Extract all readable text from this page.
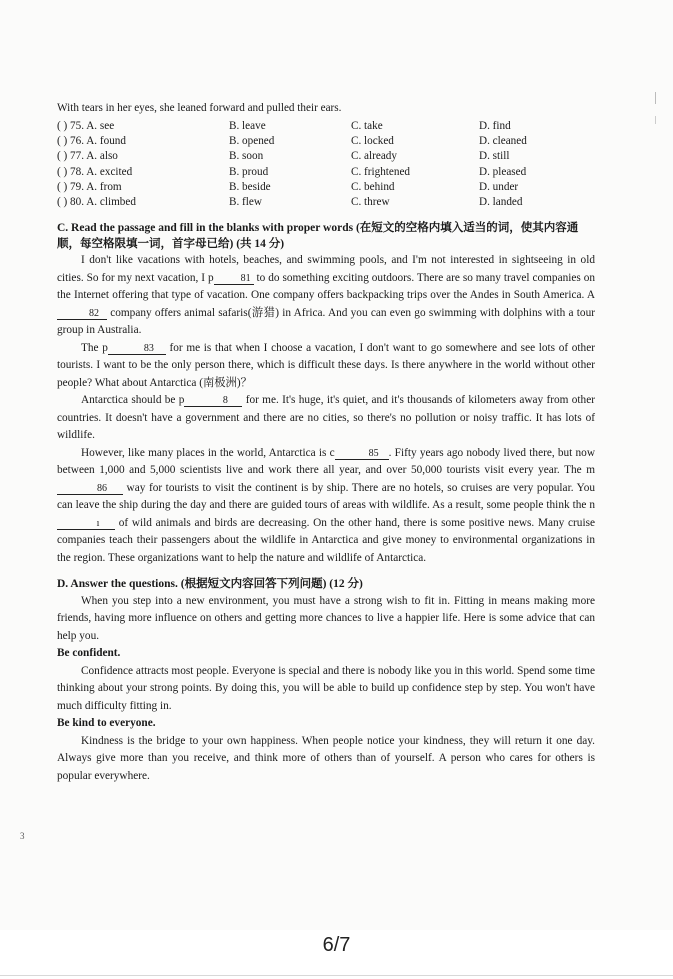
With tears in her eyes, she leaned forward and pulled their ears.

( ) 75. A. see	B. leave	C. take	D. find
( ) 76. A. found	B. opened	C. locked	D. cleaned
( ) 77. A. also	B. soon	C. already	D. still
( ) 78. A. excited	B. proud	C. frightened	D. pleased
( ) 79. A. from	B. beside	C. behind	D. under
( ) 80. A. climbed	B. flew	C. threw	D. landed

C. Read the passage and fill in the blanks with proper words (在短文的空格内填入适当的词，使其内容通顺，每空格限填一词，首字母已给) (共 14 分)

I don't like vacations with hotels, beaches, and swimming pools, and I'm not interested in sightseeing in old cities. So for my next vacation, I p	81 to do something exciting outdoors. There are so many travel companies on the Internet offering that type of vacation. One company offers backpacking trips over the Andes in South America. A82 company offers animal safaris(游猎) in Africa. And you can even go swimming with dolphins with a tour group in Australia.

The p	83 for me is that when I choose a vacation, I don't want to go somewhere and see lots of other tourists. I want to be the only person there, which is difficult these days. Is there anywhere in the world without other people? What about Antarctica (南极洲)？

Antarctica should be p	8 for me. It's huge, it's quiet, and it's thousands of kilometers away from other countries. It doesn't have a government and there are no cities, so there's no pollution or noisy traffic. It has lots of wildlife.

However, like many places in the world, Antarctica is c	85 . Fifty years ago nobody lived there, but now between 1,000 and 5,000 scientists live and work there all year, and over 50,000 tourists visit every year. The m86 way for tourists to visit the continent is by ship. There are no hotels, so cruises are very popular. You can leave the ship during the day and there are guided tours of areas with wildlife. As a result, some people think the nı of wild animals and birds are decreasing. On the other hand, there is some positive news. Many cruise companies teach their passengers about the wildlife in Antarctica and give money to environmental organizations in the region. These organizations want to help the nature and wildlife of Antarctica.

D. Answer the questions. (根据短文内容回答下列问题) (12 分)

When you step into a new environment, you must have a strong wish to fit in. Fitting in means making more friends, having more influence on others and getting more chances to live a happier life. Here is some advice that can help you.

Be confident.

Confidence attracts most people. Everyone is special and there is nobody like you in this world. Spend some time thinking about your strong points. By doing this, you will be able to build up confidence step by step. You won't have much difficulty fitting in.

Be kind to everyone.

Kindness is the bridge to your own happiness. When people notice your kindness, they will return it one day. Always give more than you receive, and think more of others than of yourself. A person who cares for others is popular everywhere.

3
6/7
